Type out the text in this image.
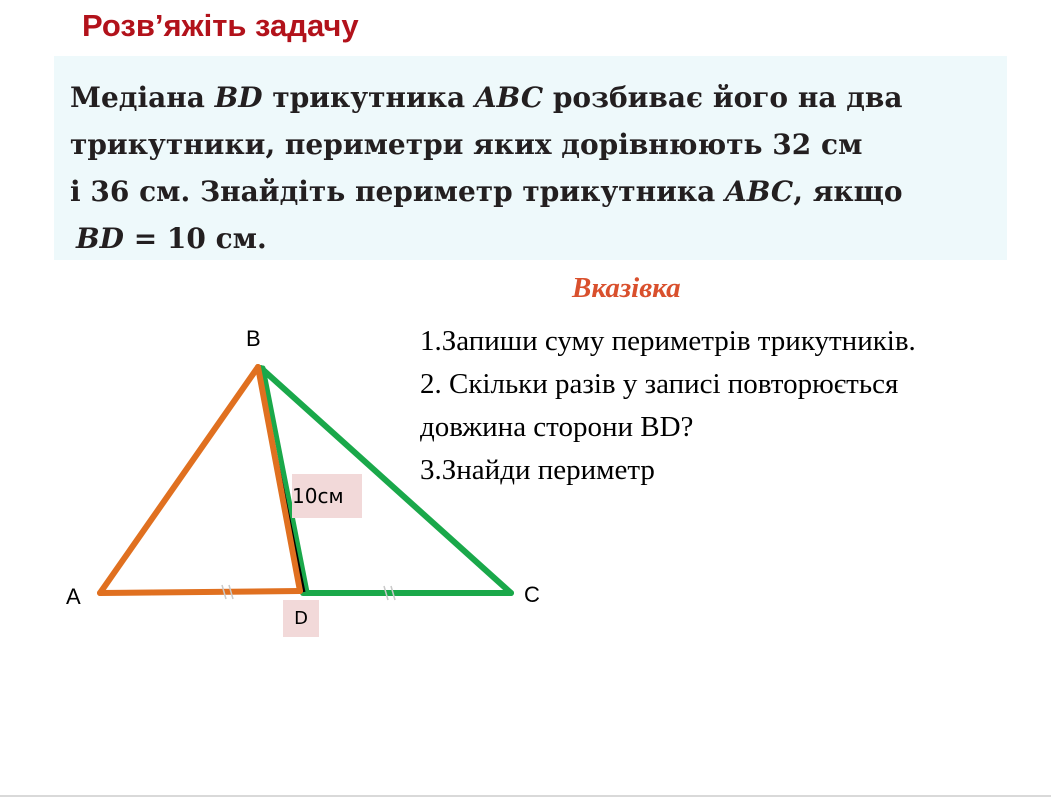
Розв’яжіть задачу
Медіана BD трикутника ABC розбиває його на два
трикутники, периметри яких дорівнюють 32 см
і 36 см. Знайдіть периметр трикутника ABC, якщо
BD = 10 см.
Вказівка
1.Запиши суму периметрів трикутників.
2. Скільки разів у записі повторюється
довжина сторони BD?
3.Знайди периметр
B
A	C
10см
D
